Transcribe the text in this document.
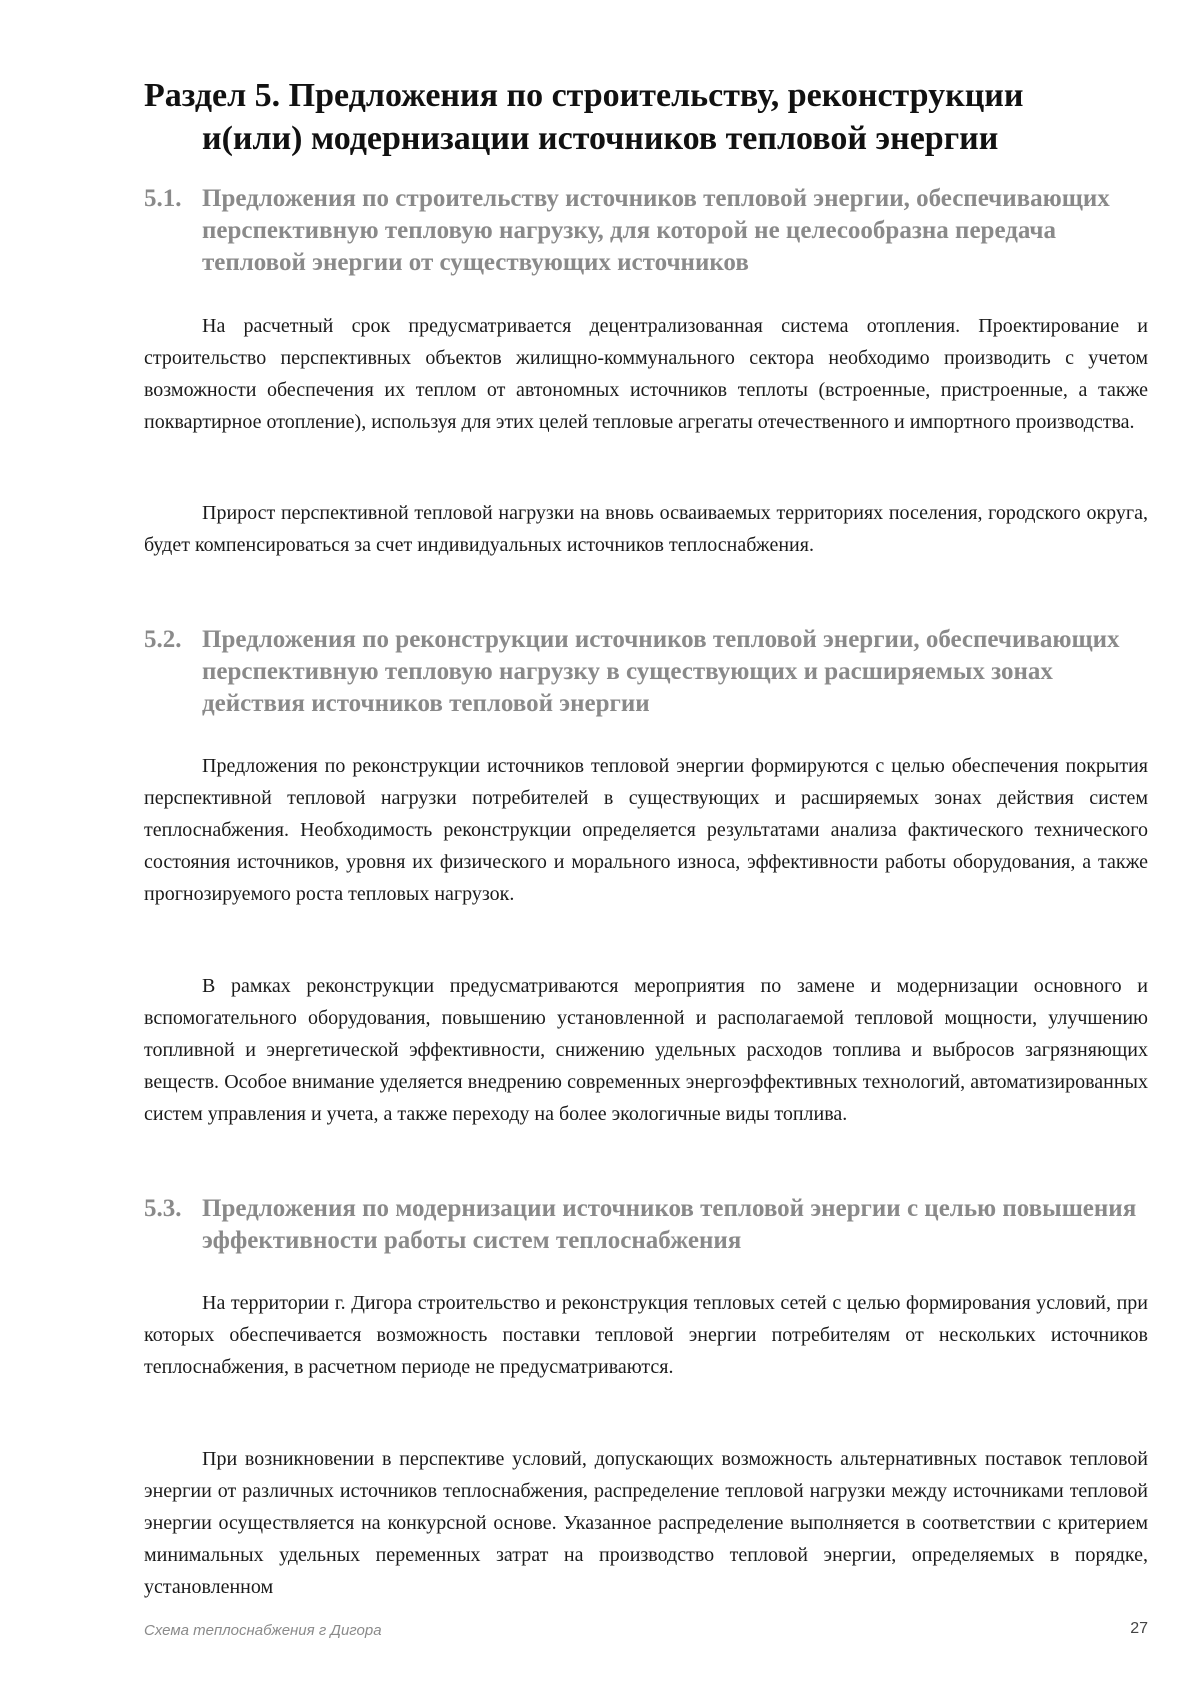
Раздел 5. Предложения по строительству, реконструкции
и(или) модернизации источников тепловой энергии
5.1. Предложения по строительству источников тепловой энергии, обеспечивающих перспективную тепловую нагрузку, для которой не целесообразна передача тепловой энергии от существующих источников

На расчетный срок предусматривается децентрализованная система отопления. Проектирование и строительство перспективных объектов жилищно-коммунального сектора необходимо производить с учетом возможности обеспечения их теплом от автономных источников теплоты (встроенные, пристроенные, а также поквартирное отопление), используя для этих целей тепловые агрегаты отечественного и импортного производства.

Прирост перспективной тепловой нагрузки на вновь осваиваемых территориях поселения, городского округа, будет компенсироваться за счет индивидуальных источников теплоснабжения.

5.2. Предложения по реконструкции источников тепловой энергии, обеспечивающих перспективную тепловую нагрузку в существующих и расширяемых зонах действия источников тепловой энергии

Предложения по реконструкции источников тепловой энергии формируются с целью обеспечения покрытия перспективной тепловой нагрузки потребителей в существующих и расширяемых зонах действия систем теплоснабжения. Необходимость реконструкции определяется результатами анализа фактического технического состояния источников, уровня их физического и морального износа, эффективности работы оборудования, а также прогнозируемого роста тепловых нагрузок.

В рамках реконструкции предусматриваются мероприятия по замене и модернизации основного и вспомогательного оборудования, повышению установленной и располагаемой тепловой мощности, улучшению топливной и энергетической эффективности, снижению удельных расходов топлива и выбросов загрязняющих веществ. Особое внимание уделяется внедрению современных энергоэффективных технологий, автоматизированных систем управления и учета, а также переходу на более экологичные виды топлива.

5.3. Предложения по модернизации источников тепловой энергии с целью повышения эффективности работы систем теплоснабжения

На территории г. Дигора строительство и реконструкция тепловых сетей с целью формирования условий, при которых обеспечивается возможность поставки тепловой энергии потребителям от нескольких источников теплоснабжения, в расчетном периоде не предусматриваются.

При возникновении в перспективе условий, допускающих возможность альтернативных поставок тепловой энергии от различных источников теплоснабжения, распределение тепловой нагрузки между источниками тепловой энергии осуществляется на конкурсной основе. Указанное распределение выполняется в соответствии с критерием минимальных удельных переменных затрат на производство тепловой энергии, определяемых в порядке, установленном

Схема теплоснабжения г Дигора	27
